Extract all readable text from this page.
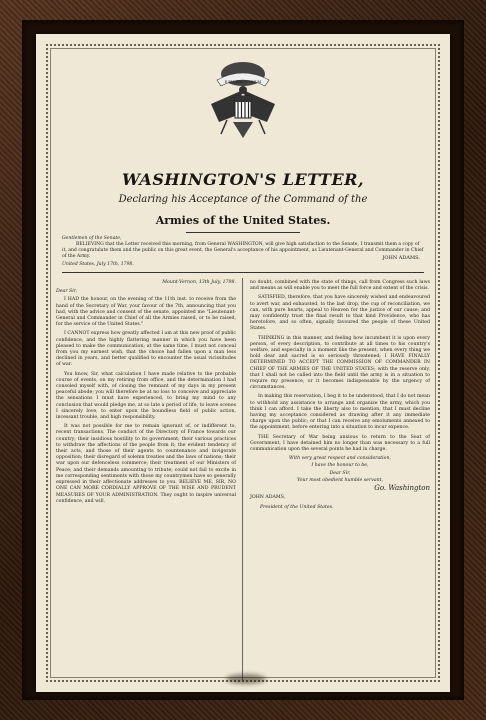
E PLURIBUS UNUM
WASHINGTON'S LETTER,
Declaring his Acceptance of the Command of the
Armies of the United States.
Gentlemen of the Senate,
BELIEVING that the Letter received this morning, from General WASHINGTON, will give high satisfaction to the Senate, I transmit them a copy of it, and congratulate them and the public on this great event, the General's acceptance of his appointment, as Lieutenant-General and Commander in Chief of the Army.
United States, July 17th, 1798.
JOHN ADAMS.

Mount-Vernon, 13th July, 1798.

Dear Sir,

I HAD the honour, on the evening of the 11th inst. to receive from the hand of the Secretary of War, your favour of the 7th, announcing that you had, with the advice and consent of the senate, appointed me "Lieutenant-General and Commander in Chief of all the Armies raised, or to be raised, for the service of the United States."

I CANNOT express how greatly affected I am at this new proof of public confidence, and the highly flattering manner in which you have been pleased to make the communication; at the same time, I must not conceal from you my earnest wish, that the choice had fallen upon a man less declined in years, and better qualified to encounter the usual vicissitudes of war.

You know, Sir, what calculation I have made relative to the probable course of events, on my retiring from office, and the determination I had consoled myself with, of closing the remnant of my days in my present peaceful abode; you will therefore be at no loss to conceive and appreciate the sensations I must have experienced, to bring my mind to any conclusion that would pledge me, at so late a period of life, to leave scenes I sincerely love, to enter upon the boundless field of public action, incessant trouble, and high responsibility.

It was not possible for me to remain ignorant of, or indifferent to, recent transactions. The conduct of the Directory of France towards our country; their insidious hostility to its government; their various practices to withdraw the affections of the people from it; the evident tendency of their acts, and those of their agents to countenance and invigorate opposition; their disregard of solemn treaties and the laws of nations; their war upon our defenceless commerce; their treatment of our Ministers of Peace; and their demands amounting to tribute; could not fail to excite in me corresponding sentiments with those my countrymen have so generally expressed in their affectionate addresses to you. BELIEVE ME, SIR, NO ONE CAN MORE CORDIALLY APPROVE OF THE WISE AND PRUDENT MEASURES OF YOUR ADMINISTRATION. They ought to inspire universal confidence, and will,

no doubt, combined with the state of things, call from Congress such laws and means as will enable you to meet the full force and extent of the crisis.

SATISFIED, therefore, that you have sincerely wished and endeavoured to avert war, and exhausted, to the last drop, the cup of reconciliation, we can, with pure hearts, appeal to Heaven for the justice of our cause; and may confidently trust the final result to that kind Providence, who has heretofore, and so often, signally favoured the people of these United States.

THINKING in this manner, and feeling how incumbent it is upon every person, of every description, to contribute at all times to his country's welfare, and especially in a moment like the present, when every thing we hold dear and sacred is so seriously threatened; I HAVE FINALLY DETERMINED TO ACCEPT THE COMMISSION OF COMMANDER IN CHIEF OF THE ARMIES OF THE UNITED STATES; with the reserve only, that I shall not be called into the field until the army is in a situation to require my presence, or it becomes indispensable by the urgency of circumstances.

In making this reservation, I beg it to be understood, that I do not mean to withhold any assistance to arrange and organize the army, which you think I can afford. I take the liberty also to mention, that I must decline having my acceptance considered as drawing after it any immediate charge upon the public; or that I can receive any emoluments annexed to the appointment, before entering into a situation to incur expence.

THE Secretary of War being anxious to return to the Seat of Government, I have detained him no longer than was necessary to a full communication upon the several points he had in charge.

With very great respect and consideration,

I have the honour to be,

Dear Sir,

Your most obedient humble servant,

Go. Washington

JOHN ADAMS,

President of the United States.
